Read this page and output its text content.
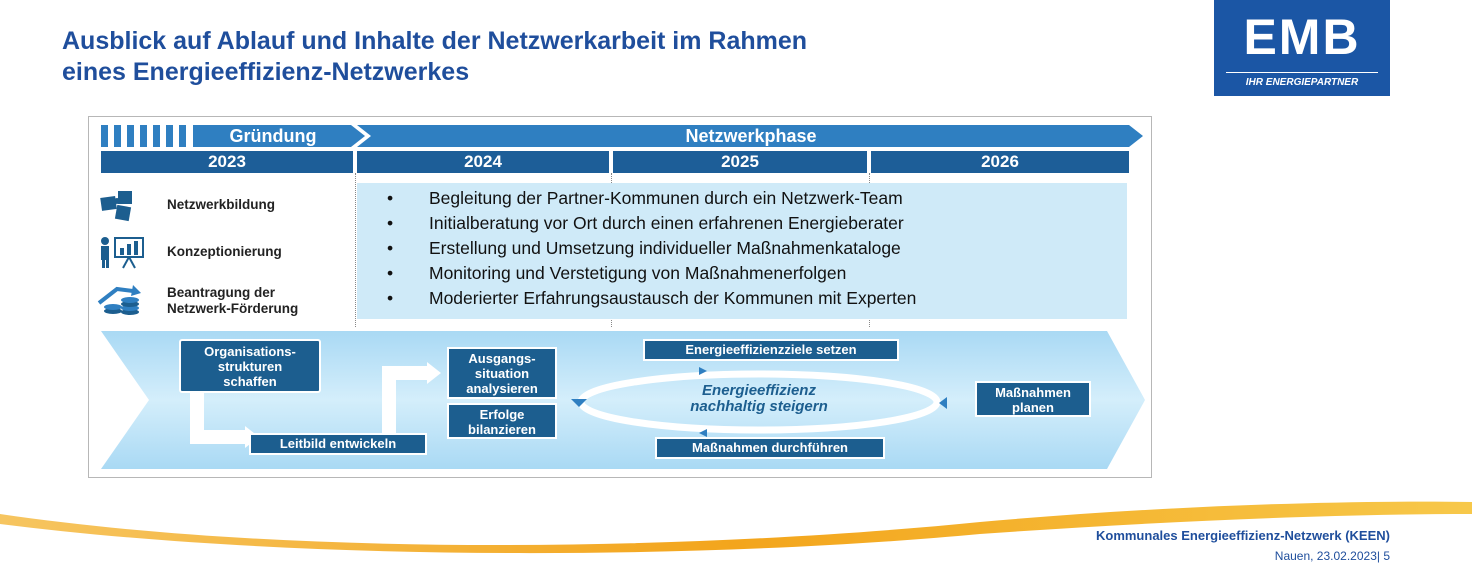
Ausblick auf Ablauf und Inhalte der Netzwerkarbeit im Rahmen
eines Energieeffizienz-Netzwerkes
EMB
IHR ENERGIEPARTNER
Gründung	Netzwerkphase
2023	2024	2025	2026
Netzwerkbildung
Konzeptionierung
Beantragung der
Netzwerk-Förderung
• Begleitung der Partner-Kommunen durch ein Netzwerk-Team
• Initialberatung vor Ort durch einen erfahrenen Energieberater
• Erstellung und Umsetzung individueller Maßnahmenkataloge
• Monitoring und Verstetigung von Maßnahmenerfolgen
• Moderierter Erfahrungsaustausch der Kommunen mit Experten
Organisations-
strukturen
schaffen
Leitbild entwickeln
Ausgangs-
situation
analysieren
Erfolge
bilanzieren
Energieeffizienzziele setzen
Energieeffizienz
nachhaltig steigern
Maßnahmen
planen
Maßnahmen durchführen
Kommunales Energieeffizienz-Netzwerk (KEEN)
Nauen, 23.02.2023| 5
